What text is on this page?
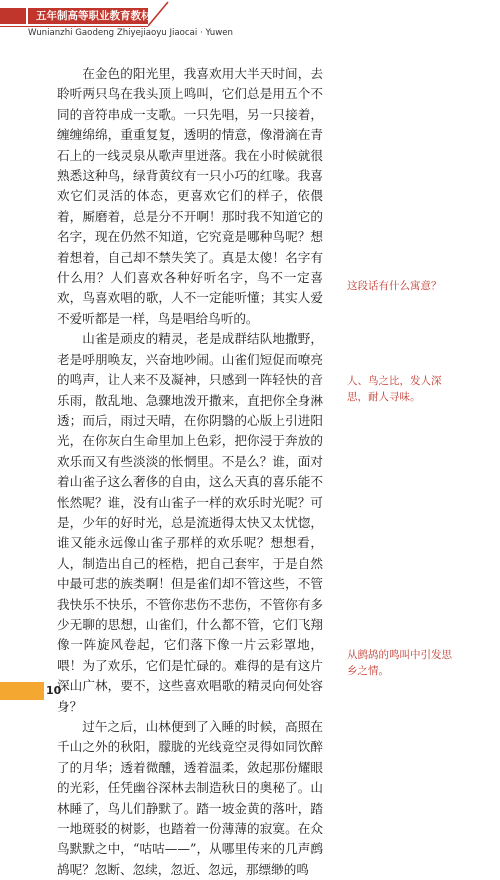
五年制高等职业教育教材·语文
Wunianzhi Gaodeng Zhiyejiaoyu Jiaocai · Yuwen

在金色的阳光里，我喜欢用大半天时间，去聆听两只鸟在我头顶上鸣叫，它们总是用五个不同的音符串成一支歌。一只先唱，另一只接着，缠缠绵绵，重重复复，透明的情意，像滑滴在青石上的一线灵泉从歌声里迸落。我在小时候就很熟悉这种鸟，绿背黄纹有一只小巧的红喙。我喜欢它们灵活的体态，更喜欢它们的样子，依偎着，厮磨着，总是分不开啊！那时我不知道它的名字，现在仍然不知道，它究竟是哪种鸟呢？想着想着，自己却不禁失笑了。真是太傻！名字有什么用？人们喜欢各种好听名字，鸟不一定喜欢，鸟喜欢唱的歌，人不一定能听懂；其实人爱不爱听都是一样，鸟是唱给鸟听的。

山雀是顽皮的精灵，老是成群结队地撒野，老是呼朋唤友，兴奋地吵闹。山雀们短促而嘹亮的鸣声，让人来不及凝神，只感到一阵轻快的音乐雨，散乱地、急骤地泼开撒来，直把你全身淋透；而后，雨过天晴，在你阴翳的心版上引进阳光，在你灰白生命里加上色彩，把你浸于奔放的欢乐而又有些淡淡的怅惘里。不是么？谁，面对着山雀子这么奢侈的自由，这么天真的喜乐能不怅然呢？谁，没有山雀子一样的欢乐时光呢？可是，少年的好时光，总是流逝得太快又太忧惚，谁又能永远像山雀子那样的欢乐呢？想想看，人，制造出自己的桎梏，把自己套牢，于是自然中最可悲的族类啊！但是雀们却不管这些，不管我快乐不快乐，不管你悲伤不悲伤，不管你有多少无聊的思想，山雀们，什么都不管，它们飞翔像一阵旋风卷起，它们落下像一片云彩罩地，喂！为了欢乐，它们是忙碌的。难得的是有这片深山广林，要不，这些喜欢唱歌的精灵向何处容身？

过午之后，山林便到了入睡的时候，高照在千山之外的秋阳，朦胧的光线竟空灵得如同饮醉了的月华；透着微醺，透着温柔，敛起那份耀眼的光彩，任凭幽谷深林去制造秋日的奥秘了。山林睡了，鸟儿们静默了。踏一坡金黄的落叶，踏一地斑驳的树影，也踏着一份薄薄的寂寞。在众鸟默默之中，“咕咕——”，从哪里传来的几声鹧鸪呢？忽断、忽续，忽近、忽远，那缥缈的鸣

这段话有什么寓意？
人、鸟之比，发人深思，耐人寻味。
从鹧鸪的鸣叫中引发思乡之情。
10
